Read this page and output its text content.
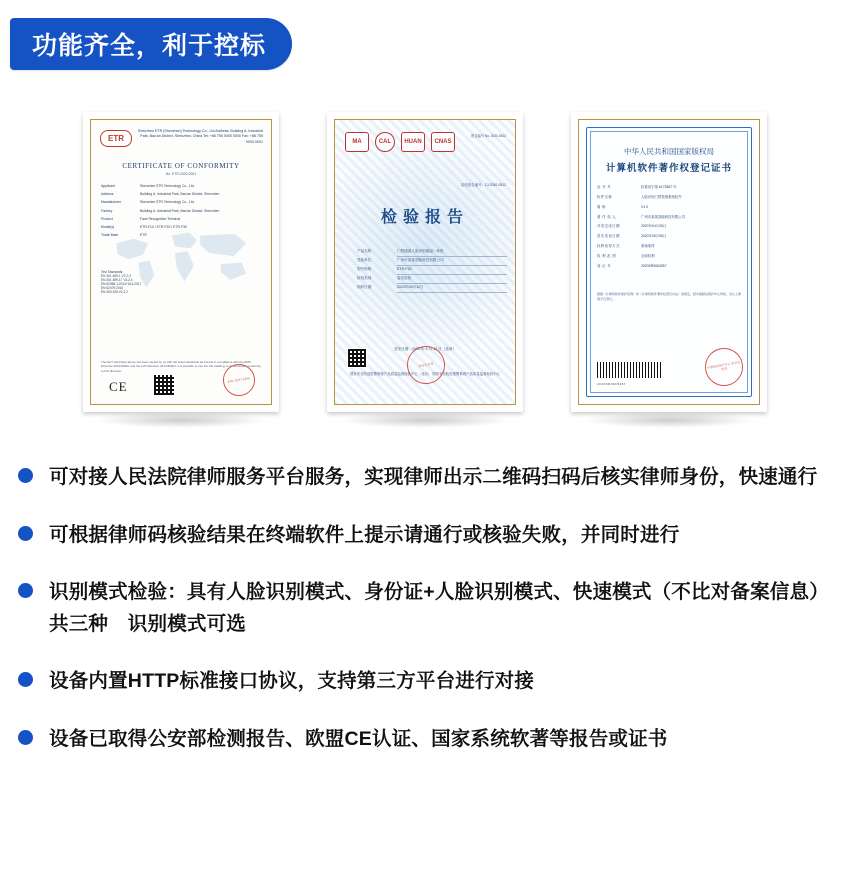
功能齐全，利于控标
ETR
Shenzhen ETR (Shenzhen) Technology Co., Ltd Address: Building A, Industrial Park, Bao'an District, Shenzhen, China Tel: +86 755 0000 0000 Fax: +86 755 0000 0001
CERTIFICATE OF CONFORMITY
No. ETR-2020-0001
Applicant	Shenzhen ETR Technology Co., Ltd.
Address	Building A, Industrial Park, Bao'an District, Shenzhen
Manufacturer	Shenzhen ETR Technology Co., Ltd.
Factory	Building A, Industrial Park, Bao'an District, Shenzhen
Product	Face Recognition Terminal
Model(s)	ETR-F10 / ETR-F20 / ETR-F30
Trade Mark	ETR
Test Standards:
EN 301 489-1 V2.2.3
EN 301 489-17 V3.2.4
EN 62368-1:2014+A11:2017
EN 62479:2010
EN 300 328 V2.2.2
The EUT described above has been tested by us with the listed standards and found in compliance with the EMC Directive 2014/30/EU and the LVD Directive 2014/35/EU. It is possible to use the CE marking, to demonstrate conformity to this directive.
CE	ETR TEST SEAL
MA	CAL	HUAN	CNAS
报告编号 No. 2020-0512
检验报告编号：ZJ-2020-0512
检验报告
产品名称	门禁通道人脸识别测温一体机
受检单位	广州市某某智能科技有限公司
型号规格	ETR-F20
检验类别	委托检验
抽样日期	2020年05月12日
签发日期：2020 年 6 月 12 日（盖章）
国家安全防范报警系统产品质量监督检验中心（北京） 国家安全防范报警系统产品质量监督检验中心
检验专用章
中华人民共和国国家版权局
计算机软件著作权登记证书
证 书 号	软著登字第 6173867 号
软件名称	人脸识别门禁管理系统软件
简 称	V1.0
著 作 权 人	广州市某某智能科技有限公司
开发完成日期	2020年04月26日
首次发表日期	2020年05月08日
权利取得方式	原始取得
权 利 范 围	全部权利
登 记 号	2020SR0663287
根据《计算机软件保护条例》和《计算机软件著作权登记办法》的规定，经中国版权保护中心审核，对以上事项予以登记。
2020SR0663287
中国版权保护中心 登记专用章
可对接人民法院律师服务平台服务，实现律师出示二维码扫码后核实律师身份，快速通行
可根据律师码核验结果在终端软件上提示请通行或核验失败，并同时进行
识别模式检验：具有人脸识别模式、身份证+人脸识别模式、快速模式（不比对备案信息）共三种　识别模式可选
设备内置HTTP标准接口协议，支持第三方平台进行对接
设备已取得公安部检测报告、欧盟CE认证、国家系统软著等报告或证书
